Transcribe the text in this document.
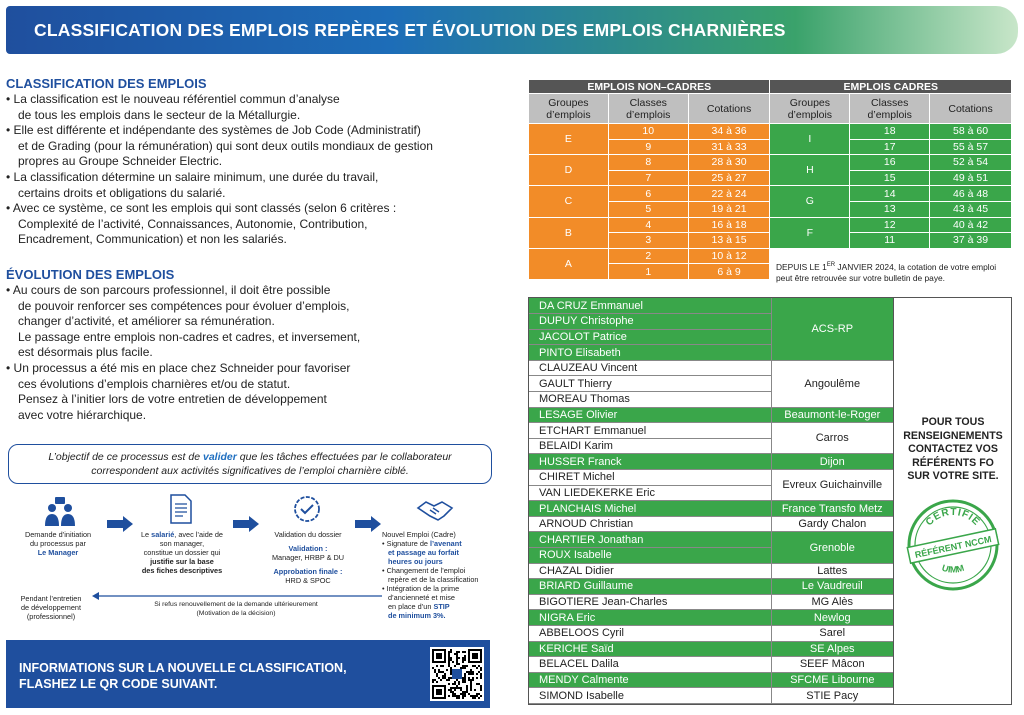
CLASSIFICATION DES EMPLOIS REPÈRES ET ÉVOLUTION DES EMPLOIS CHARNIÈRES
CLASSIFICATION DES EMPLOIS
• La classification est le nouveau référentiel commun d’analyse
de tous les emplois dans le secteur de la Métallurgie.
• Elle est différente et indépendante des systèmes de Job Code (Administratif)
et de Grading (pour la rémunération) qui sont deux outils mondiaux de gestion
propres au Groupe Schneider Electric.
• La classification détermine un salaire minimum, une durée du travail,
certains droits et obligations du salarié.
• Avec ce système, ce sont les emplois qui sont classés (selon 6 critères :
Complexité de l’activité, Connaissances, Autonomie, Contribution,
Encadrement, Communication) et non les salariés.
ÉVOLUTION DES EMPLOIS
• Au cours de son parcours professionnel, il doit être possible
de pouvoir renforcer ses compétences pour évoluer d’emplois,
changer d’activité, et améliorer sa rémunération.
Le passage entre emplois non-cadres et cadres, et inversement,
est désormais plus facile.
• Un processus a été mis en place chez Schneider pour favoriser
ces évolutions d’emplois charnières et/ou de statut.
Pensez à l’initier lors de votre entretien de développement
avec votre hiérarchique.
L’objectif de ce processus est de valider que les tâches effectuées par le collaborateur
correspondent aux activités significatives de l’emploi charnière ciblé.
Demande d’initiation
du processus par
Le Manager
Le salarié, avec l’aide de
son manager,
constitue un dossier qui
justifie sur la base
des fiches descriptives
Validation du dossier
Validation :
Manager, HRBP & DU
Approbation finale :
HRD & SPOC
Nouvel Emploi (Cadre)
• Signature de l’avenant
et passage au forfait
heures ou jours
• Changement de l’emploi
repère et de la classification
• Intégration de la prime
d’ancienneté et mise
en place d’un STIP
de minimum 3%.
Pendant l’entretien
de développement
(professionnel)
Si refus renouvellement de la demande ultérieurement
(Motivation de la décision)
INFORMATIONS SUR LA NOUVELLE CLASSIFICATION,
FLASHEZ LE QR CODE SUIVANT.
EMPLOIS NON–CADRES			EMPLOIS CADRES		
Groupes
d’emplois	Classes
d’emplois	Cotations	Groupes
d’emplois	Classes
d’emplois	Cotations
E	10	34 à 36	I	18	58 à 60
	9	31 à 33		17	55 à 57
D	8	28 à 30	H	16	52 à 54
	7	25 à 27		15	49 à 51
C	6	22 à 24	G	14	46 à 48
	5	19 à 21		13	43 à 45
B	4	16 à 18	F	12	40 à 42
	3	13 à 15		11	37 à 39
A	2	10 à 12			
	1	6 à 9				DEPUIS LE 1ER JANVIER 2024, la cotation de votre emploi
peut être retrouvée sur votre bulletin de paye.
DA CRUZ Emmanuel	ACS-RP
DUPUY Christophe	
JACOLOT Patrice	
PINTO Elisabeth	
CLAUZEAU Vincent	Angoulême
GAULT Thierry	
MOREAU Thomas	
LESAGE Olivier	Beaumont-le-Roger
ETCHART Emmanuel	Carros
BELAIDI Karim	
HUSSER Franck	Dijon
CHIRET Michel	Evreux Guichainville
VAN LIEDEKERKE Eric	
PLANCHAIS Michel	France Transfo Metz
ARNOUD Christian	Gardy Chalon
CHARTIER Jonathan	Grenoble
ROUX Isabelle	
CHAZAL Didier	Lattes
BRIARD Guillaume	Le Vaudreuil
BIGOTIERE Jean-Charles	MG Alès
NIGRA Eric	Newlog
ABBELOOS Cyril	Sarel
KERICHE Saïd	SE Alpes
BELACEL Dalila	SEEF Mâcon
MENDY Calmente	SFCME Libourne
SIMOND Isabelle	STIE Pacy
POUR TOUS
RENSEIGNEMENTS
CONTACTEZ VOS
RÉFÉRENTS FO
SUR VOTRE SITE.
CERTIFIÉ
RÉFÉRENT NCCM
UIMM
